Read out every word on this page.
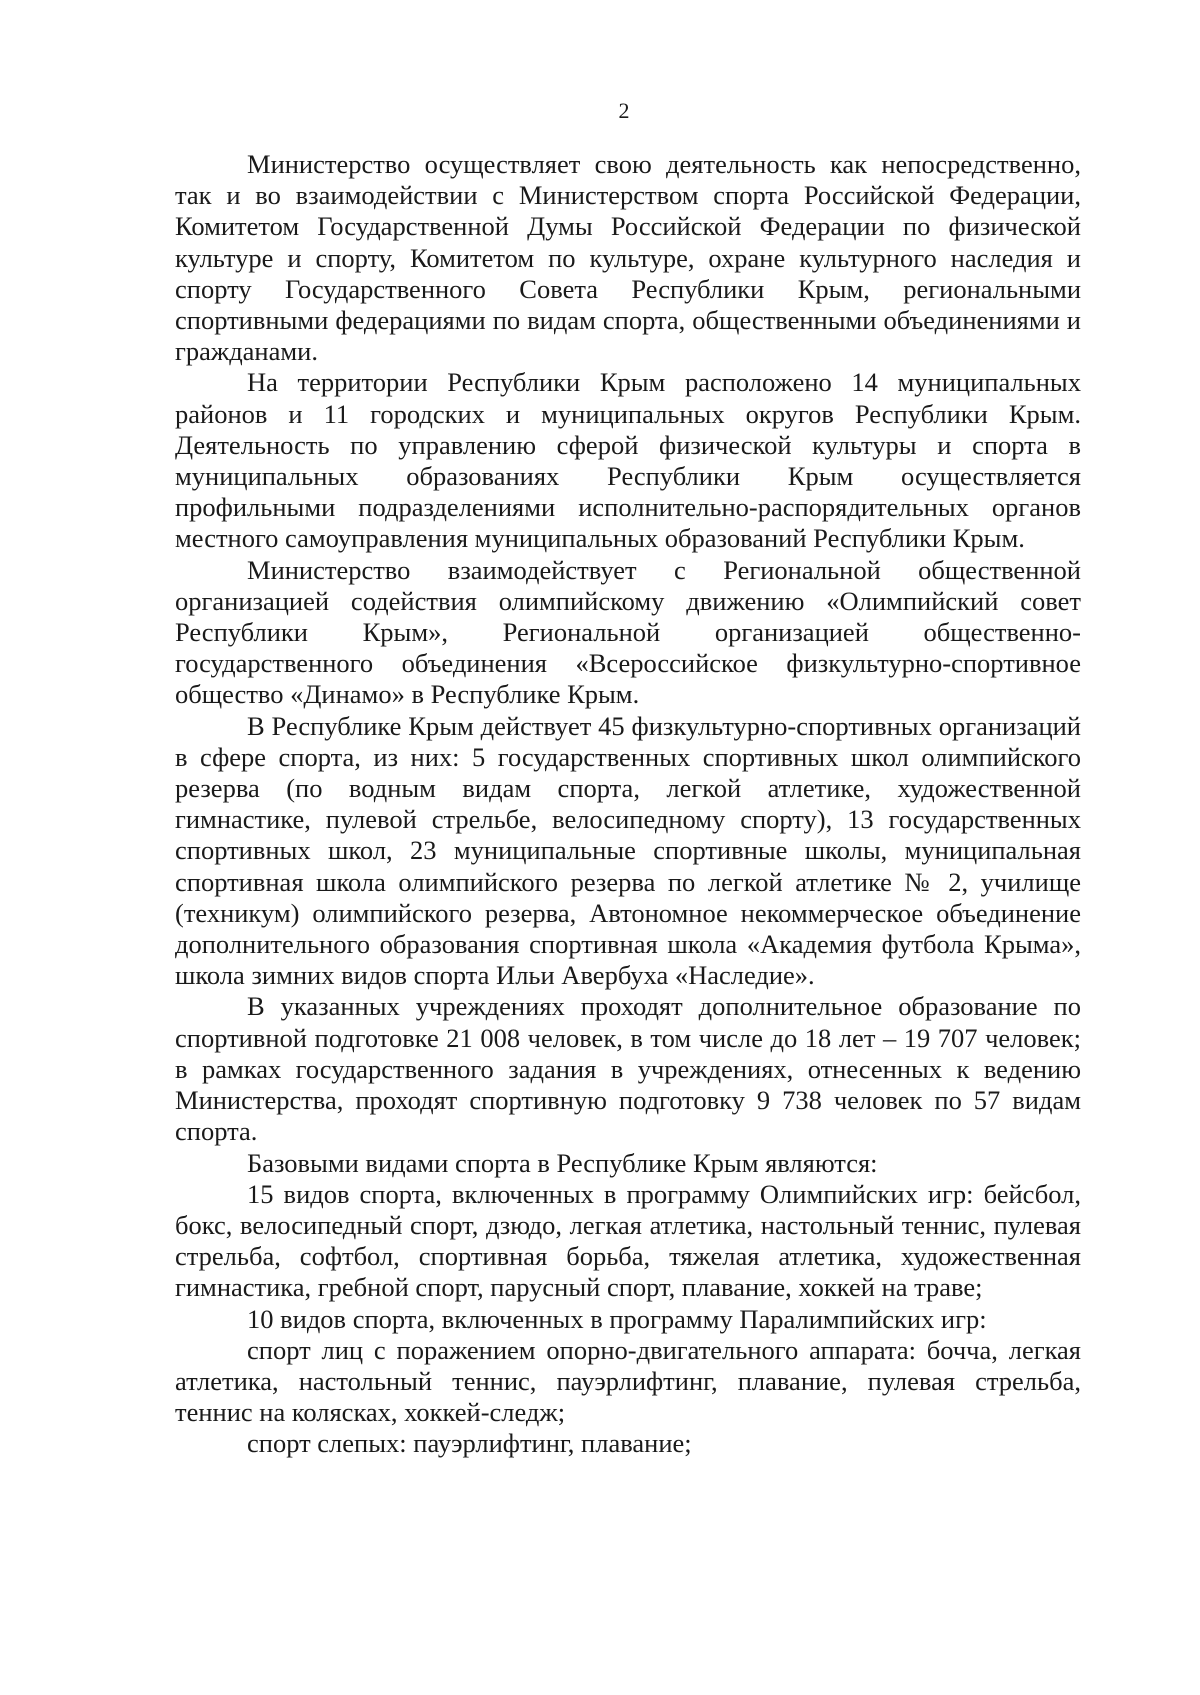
2

Министерство осуществляет свою деятельность как непосредственно, так и во взаимодействии с Министерством спорта Российской Федерации, Комитетом Государственной Думы Российской Федерации по физической культуре и спорту, Комитетом по культуре, охране культурного наследия и спорту Государственного Совета Республики Крым, региональными спортивными федерациями по видам спорта, общественными объединениями и гражданами.

На территории Республики Крым расположено 14 муниципальных районов и 11 городских и муниципальных округов Республики Крым. Деятельность по управлению сферой физической культуры и спорта в муниципальных образованиях Республики Крым осуществляется профильными подразделениями исполнительно-распорядительных органов местного самоуправления муниципальных образований Республики Крым.

Министерство взаимодействует с Региональной общественной организацией содействия олимпийскому движению «Олимпийский совет Республики Крым», Региональной организацией общественно-государственного объединения «Всероссийское физкультурно-спортивное общество «Динамо» в Республике Крым.

В Республике Крым действует 45 физкультурно-спортивных организаций в сфере спорта, из них: 5 государственных спортивных школ олимпийского резерва (по водным видам спорта, легкой атлетике, художественной гимнастике, пулевой стрельбе, велосипедному спорту), 13 государственных спортивных школ, 23 муниципальные спортивные школы, муниципальная спортивная школа олимпийского резерва по легкой атлетике № 2, училище (техникум) олимпийского резерва, Автономное некоммерческое объединение дополнительного образования спортивная школа «Академия футбола Крыма», школа зимних видов спорта Ильи Авербуха «Наследие».

В указанных учреждениях проходят дополнительное образование по спортивной подготовке 21 008 человек, в том числе до 18 лет – 19 707 человек; в рамках государственного задания в учреждениях, отнесенных к ведению Министерства, проходят спортивную подготовку 9 738 человек по 57 видам спорта.

Базовыми видами спорта в Республике Крым являются:

15 видов спорта, включенных в программу Олимпийских игр: бейсбол, бокс, велосипедный спорт, дзюдо, легкая атлетика, настольный теннис, пулевая стрельба, софтбол, спортивная борьба, тяжелая атлетика, художественная гимнастика, гребной спорт, парусный спорт, плавание, хоккей на траве;

10 видов спорта, включенных в программу Паралимпийских игр:

спорт лиц с поражением опорно-двигательного аппарата: бочча, легкая атлетика, настольный теннис, пауэрлифтинг, плавание, пулевая стрельба, теннис на колясках, хоккей-следж;

спорт слепых: пауэрлифтинг, плавание;
